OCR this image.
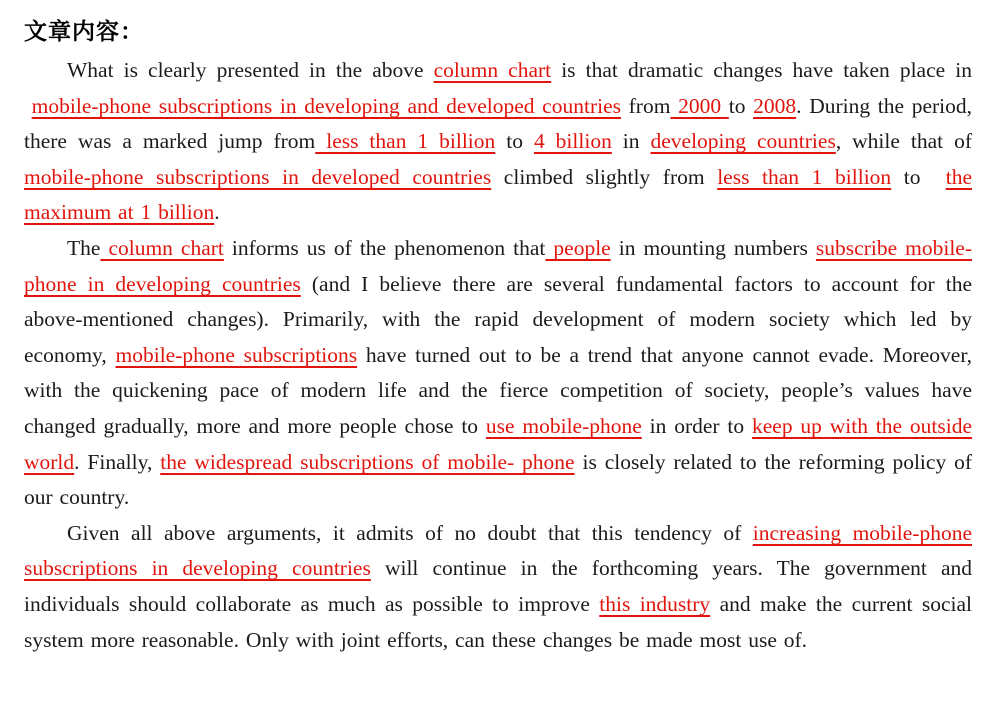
文章内容：

What is clearly presented in the above column chart is that dramatic changes have taken place in  mobile-phone subscriptions in developing and developed countries from 2000 to 2008. During the period, there was a marked jump from less than 1 billion to 4 billion in developing countries, while that of mobile-phone subscriptions in developed countries climbed slightly from less than 1 billion to  the maximum at 1 billion.

The column chart informs us of the phenomenon that people in mounting numbers subscribe mobile-phone in developing countries (and I believe there are several fundamental factors to account for the above-mentioned changes). Primarily, with the rapid development of modern society which led by economy, mobile-phone subscriptions have turned out to be a trend that anyone cannot evade. Moreover, with the quickening pace of modern life and the fierce competition of society, people’s values have changed gradually, more and more people chose to use mobile-phone in order to keep up with the outside world. Finally, the widespread subscriptions of mobile- phone is closely related to the reforming policy of our country.

Given all above arguments, it admits of no doubt that this tendency of increasing mobile-phone subscriptions in developing countries will continue in the forthcoming years. The government and individuals should collaborate as much as possible to improve this industry and make the current social system more reasonable. Only with joint efforts, can these changes be made most use of.
